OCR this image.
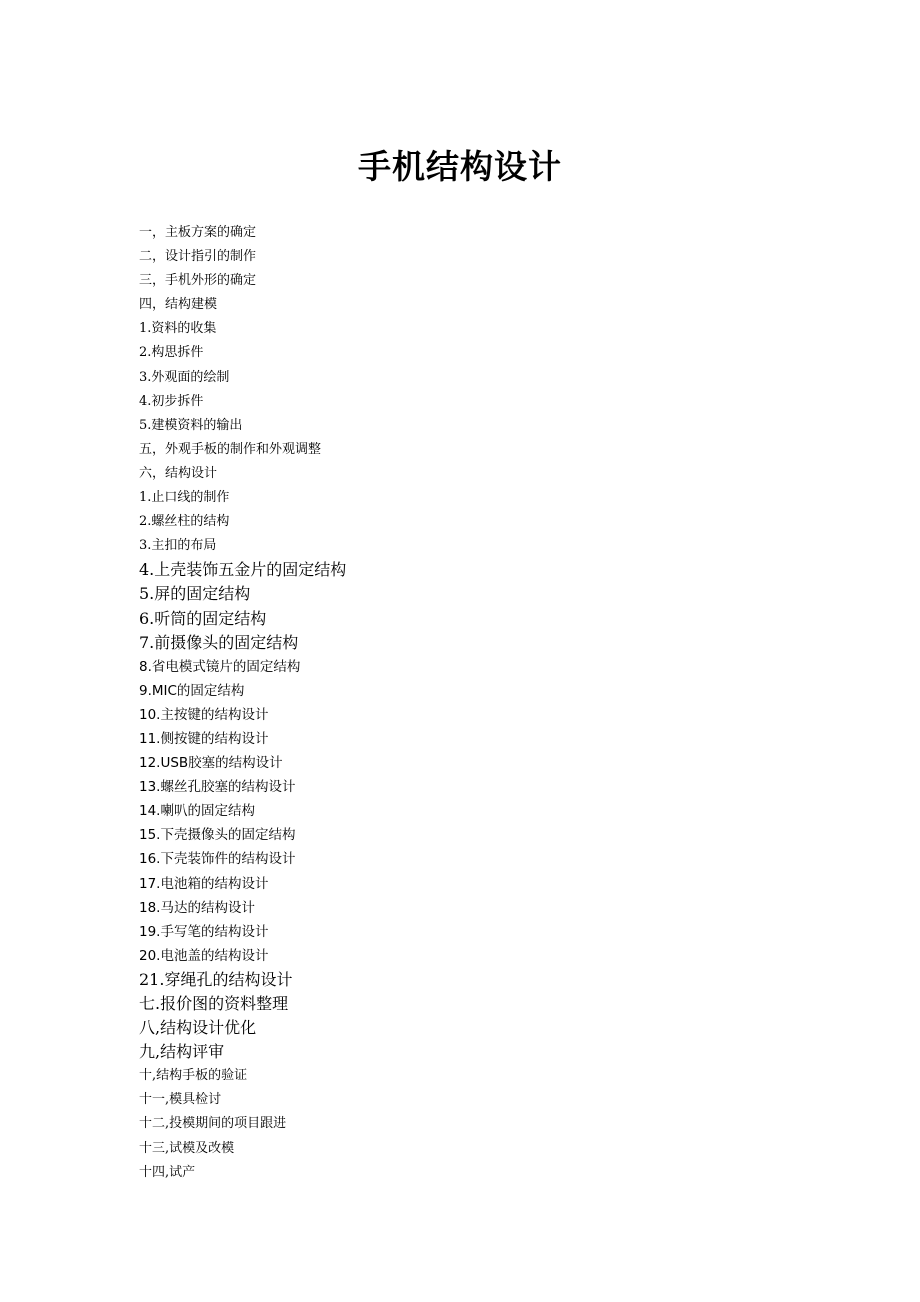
手机结构设计
一，主板方案的确定
二，设计指引的制作
三，手机外形的确定
四，结构建模
1.资料的收集
2.构思拆件
3.外观面的绘制
4.初步拆件
5.建模资料的输出
五，外观手板的制作和外观调整
六，结构设计
1.止口线的制作
2.螺丝柱的结构
3.主扣的布局
4.上壳装饰五金片的固定结构
5.屏的固定结构
6.听筒的固定结构
7.前摄像头的固定结构
8.省电模式镜片的固定结构
9.MIC的固定结构
10.主按键的结构设计
11.侧按键的结构设计
12.USB胶塞的结构设计
13.螺丝孔胶塞的结构设计
14.喇叭的固定结构
15.下壳摄像头的固定结构
16.下壳装饰件的结构设计
17.电池箱的结构设计
18.马达的结构设计
19.手写笔的结构设计
20.电池盖的结构设计
21.穿绳孔的结构设计
七.报价图的资料整理
八,结构设计优化
九,结构评审
十,结构手板的验证
十一,模具检讨
十二,投模期间的项目跟进
十三,试模及改模
十四,试产
